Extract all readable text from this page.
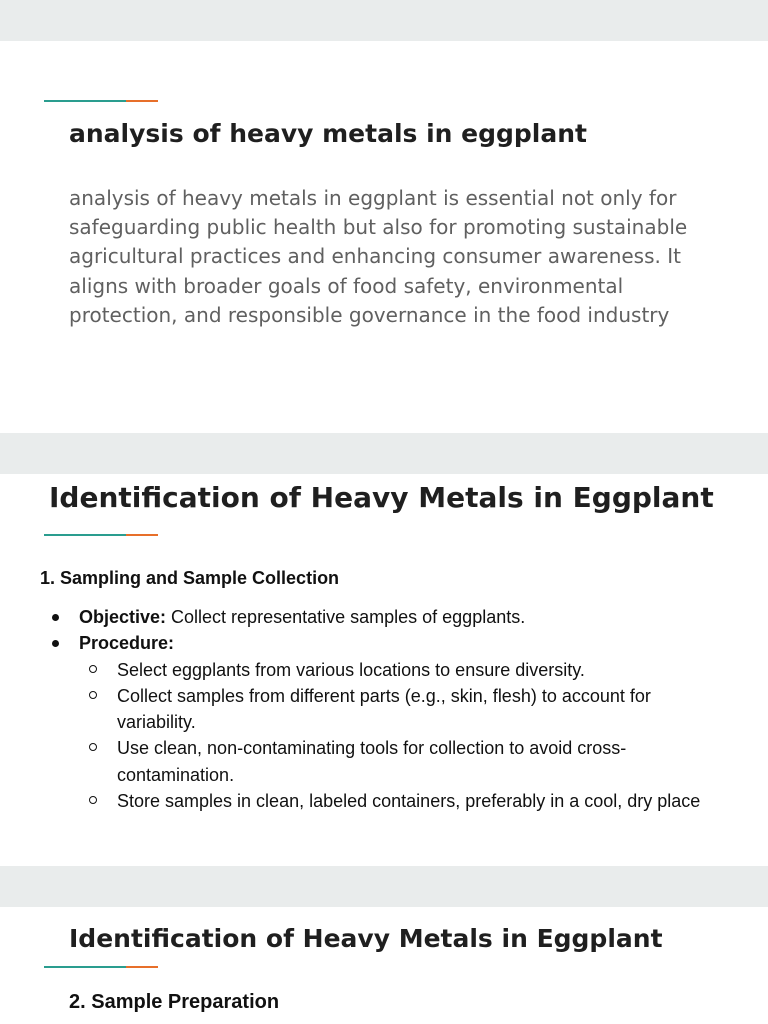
analysis of heavy metals in eggplant

analysis of heavy metals in eggplant is essential not only for safeguarding public health but also for promoting sustainable agricultural practices and enhancing consumer awareness. It aligns with broader goals of food safety, environmental protection, and responsible governance in the food industry

Identification of Heavy Metals in Eggplant
1. Sampling and Sample Collection
Objective: Collect representative samples of eggplants.
Procedure:
Select eggplants from various locations to ensure diversity.
Collect samples from different parts (e.g., skin, flesh) to account for variability.
Use clean, non-contaminating tools for collection to avoid cross-contamination.
Store samples in clean, labeled containers, preferably in a cool, dry place
Identification of Heavy Metals in Eggplant
2. Sample Preparation
